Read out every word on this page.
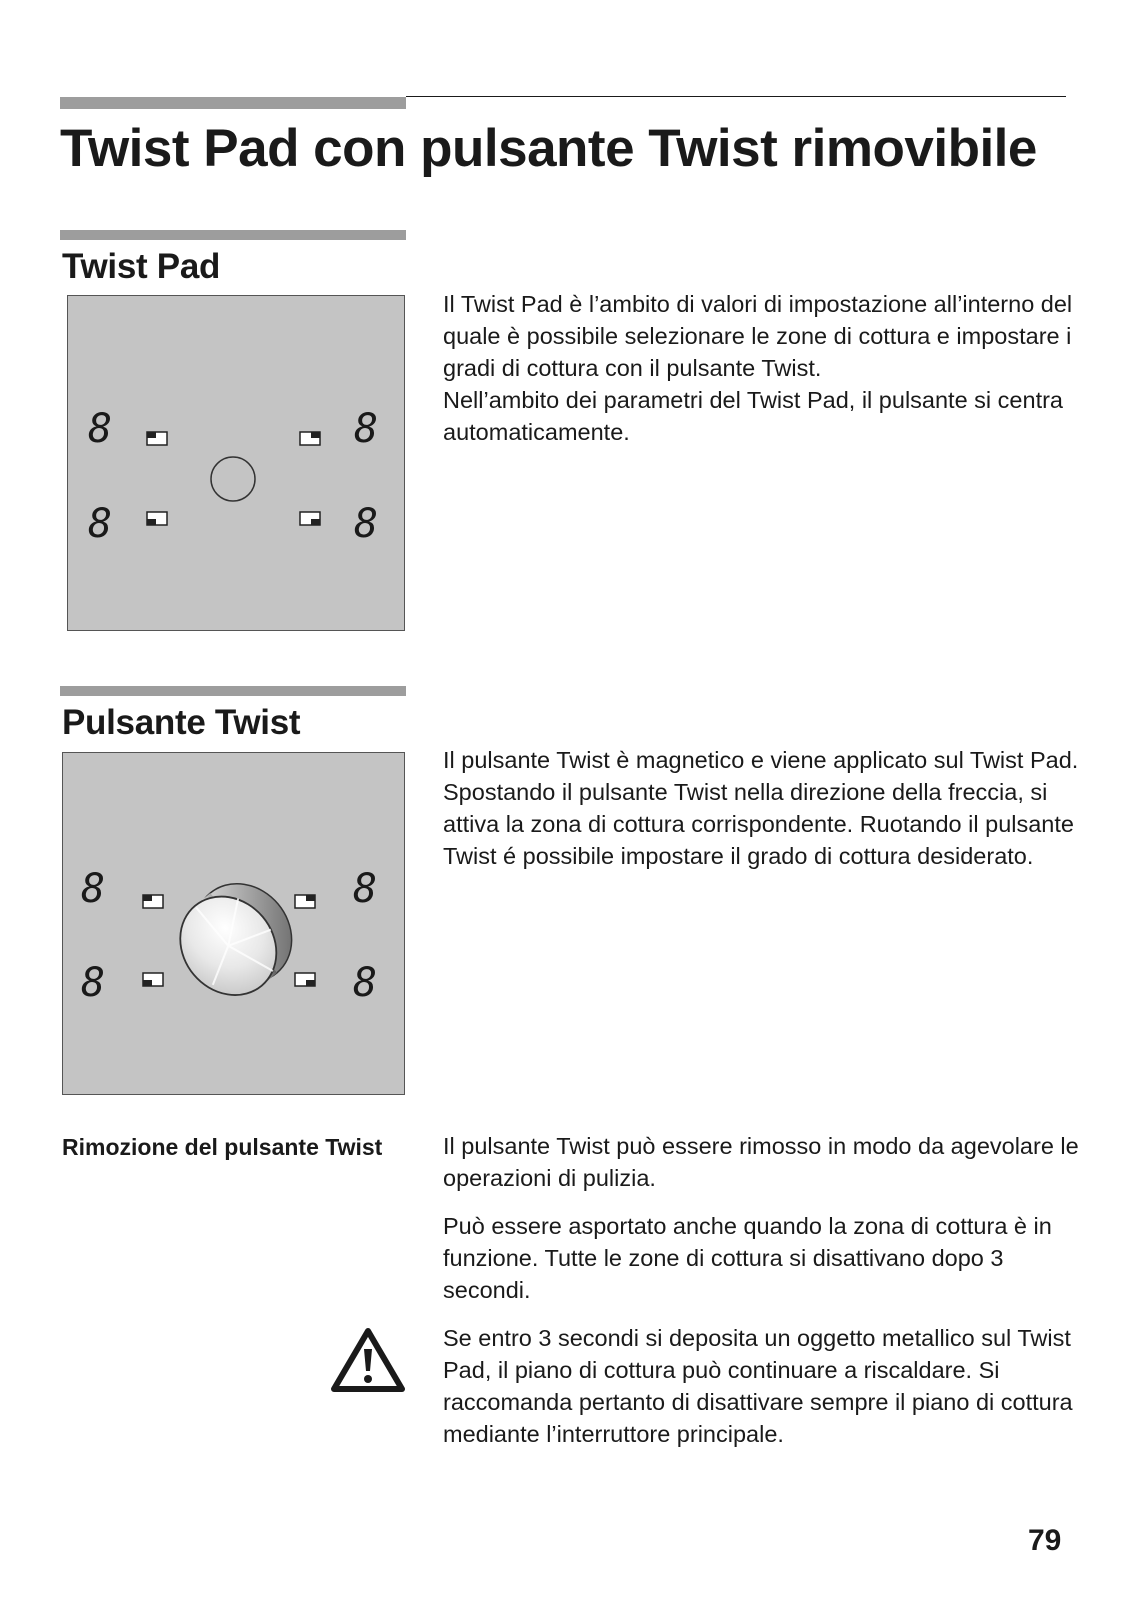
Twist Pad con pulsante Twist rimovibile
Twist Pad
8	8
8	8

Il Twist Pad è l’ambito di valori di impostazione all’interno del quale è possibile selezionare le zone di cottura e impostare i gradi di cottura con il pulsante Twist.

Nell’ambito dei parametri del Twist Pad, il pulsante si centra automaticamente.

Pulsante Twist
8	8
8	8

Il pulsante Twist è magnetico e viene applicato sul Twist Pad. Spostando il pulsante Twist nella direzione della freccia, si attiva la zona di cottura corrispondente. Ruotando il pulsante Twist é possibile impostare il grado di cottura desiderato.

Rimozione del pulsante Twist	Il pulsante Twist può essere rimosso in modo da agevolare le operazioni di pulizia.

Può essere asportato anche quando la zona di cottura è in funzione. Tutte le zone di cottura si disattivano dopo 3 secondi.

Se entro 3 secondi si deposita un oggetto metallico sul Twist Pad, il piano di cottura può continuare a riscaldare. Si raccomanda pertanto di disattivare sempre il piano di cottura mediante l’interruttore principale.

79
